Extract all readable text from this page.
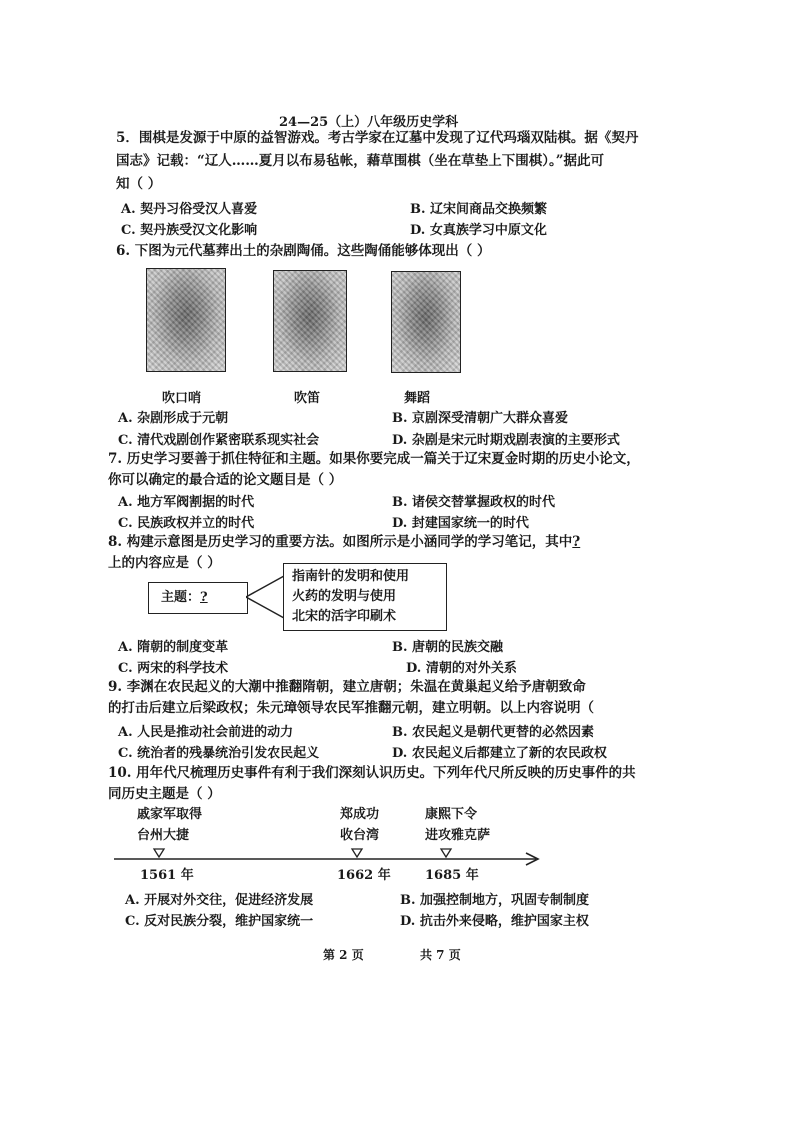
24—25（上）八年级历史学科
5．围棋是发源于中原的益智游戏。考古学家在辽墓中发现了辽代玛瑙双陆棋。据《契丹
国志》记载：“辽人……夏月以布易毡帐，藉草围棋（坐在草垫上下围棋）。”据此可
知（ ）
A. 契丹习俗受汉人喜爱	B. 辽宋间商品交换频繁
C. 契丹族受汉文化影响	D. 女真族学习中原文化
6. 下图为元代墓葬出土的杂剧陶俑。这些陶俑能够体现出（ ）
吹口哨	吹笛	舞蹈
A. 杂剧形成于元朝	B. 京剧深受清朝广大群众喜爱
C. 清代戏剧创作紧密联系现实社会	D. 杂剧是宋元时期戏剧表演的主要形式
7. 历史学习要善于抓住特征和主题。如果你要完成一篇关于辽宋夏金时期的历史小论文，
你可以确定的最合适的论文题目是（ ）
A. 地方军阀割据的时代	B. 诸侯交替掌握政权的时代
C. 民族政权并立的时代	D. 封建国家统一的时代
8. 构建示意图是历史学习的重要方法。如图所示是小涵同学的学习笔记，其中?
上的内容应是（ ）
主题：?
指南针的发明和使用
火药的发明与使用
北宋的活字印刷术
A. 隋朝的制度变革	B. 唐朝的民族交融
C. 两宋的科学技术	D. 清朝的对外关系
9. 李渊在农民起义的大潮中推翻隋朝，建立唐朝；朱温在黄巢起义给予唐朝致命
的打击后建立后梁政权；朱元璋领导农民军推翻元朝，建立明朝。以上内容说明（
A. 人民是推动社会前进的动力	B. 农民起义是朝代更替的必然因素
C. 统治者的残暴统治引发农民起义	D. 农民起义后都建立了新的农民政权
10. 用年代尺梳理历史事件有利于我们深刻认识历史。下列年代尺所反映的历史事件的共
同历史主题是（ ）
戚家军取得
台州大捷
郑成功
收台湾
康熙下令
进攻雅克萨
1561 年	1662 年	1685 年
A. 开展对外交往，促进经济发展	B. 加强控制地方，巩固专制制度
C. 反对民族分裂，维护国家统一	D. 抗击外来侵略，维护国家主权
第 2 页	共 7 页
